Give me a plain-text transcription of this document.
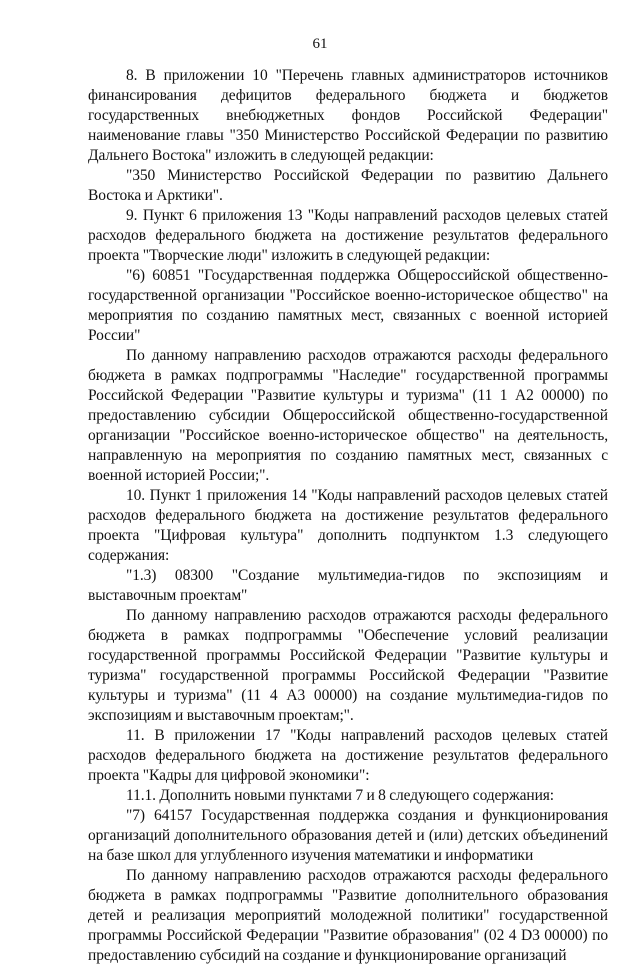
61

8. В приложении 10 "Перечень главных администраторов источников финансирования дефицитов федерального бюджета и бюджетов государственных внебюджетных фондов Российской Федерации" наименование главы "350 Министерство Российской Федерации по развитию Дальнего Востока" изложить в следующей редакции:

"350 Министерство Российской Федерации по развитию Дальнего Востока и Арктики".

9. Пункт 6 приложения 13 "Коды направлений расходов целевых статей расходов федерального бюджета на достижение результатов федерального проекта "Творческие люди" изложить в следующей редакции:

"6) 60851 "Государственная поддержка Общероссийской общественно-государственной организации "Российское военно-историческое общество" на мероприятия по созданию памятных мест, связанных с военной историей России"

По данному направлению расходов отражаются расходы федерального бюджета в рамках подпрограммы "Наследие" государственной программы Российской Федерации "Развитие культуры и туризма" (11 1 А2 00000) по предоставлению субсидии Общероссийской общественно-государственной организации "Российское военно-историческое общество" на деятельность, направленную на мероприятия по созданию памятных мест, связанных с военной историей России;".

10. Пункт 1 приложения 14 "Коды направлений расходов целевых статей расходов федерального бюджета на достижение результатов федерального проекта "Цифровая культура" дополнить подпунктом 1.3 следующего содержания:

"1.3) 08300 "Создание мультимедиа-гидов по экспозициям и выставочным проектам"

По данному направлению расходов отражаются расходы федерального бюджета в рамках подпрограммы "Обеспечение условий реализации государственной программы Российской Федерации "Развитие культуры и туризма" государственной программы Российской Федерации "Развитие культуры и туризма" (11 4 А3 00000) на создание мультимедиа-гидов по экспозициям и выставочным проектам;".

11. В приложении 17 "Коды направлений расходов целевых статей расходов федерального бюджета на достижение результатов федерального проекта "Кадры для цифровой экономики":

11.1. Дополнить новыми пунктами 7 и 8 следующего содержания:

"7) 64157 Государственная поддержка создания и функционирования организаций дополнительного образования детей и (или) детских объединений на базе школ для углубленного изучения математики и информатики

По данному направлению расходов отражаются расходы федерального бюджета в рамках подпрограммы "Развитие дополнительного образования детей и реализация мероприятий молодежной политики" государственной программы Российской Федерации "Развитие образования" (02 4 D3 00000) по предоставлению субсидий на создание и функционирование организаций
